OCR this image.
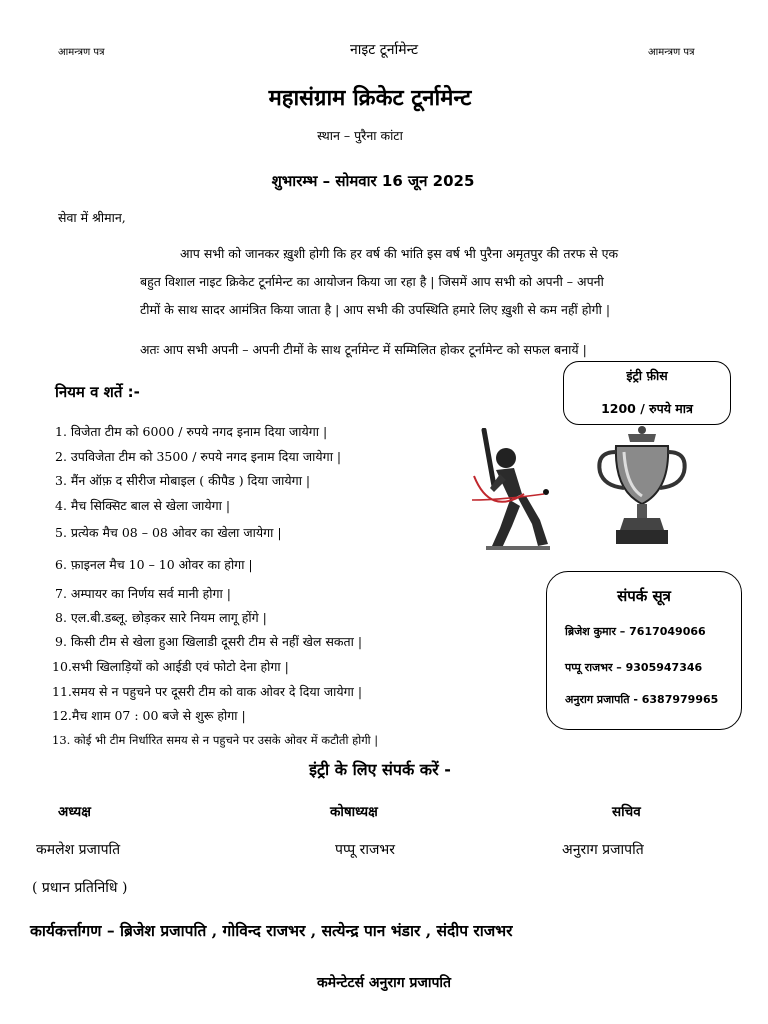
आमन्त्रण पत्र	नाइट टूर्नामेन्ट	आमन्त्रण पत्र
महासंग्राम क्रिकेट टूर्नामेन्ट
स्थान – पुरैना कांटा
शुभारम्भ – सोमवार 16 जून 2025
सेवा में श्रीमान,
आप सभी को जानकर ख़ुशी होगी कि हर वर्ष की भांति इस वर्ष भी पुरैना अमृतपुर की तरफ से एक
बहुत विशाल नाइट क्रिकेट टूर्नामेन्ट का आयोजन किया जा रहा है | जिसमें आप सभी को अपनी – अपनी
टीमों के साथ सादर आमंत्रित किया जाता है | आप सभी की उपस्थिति हमारे लिए ख़ुशी से कम नहीं होगी |
अतः आप सभी अपनी – अपनी टीमों के साथ टूर्नामेन्ट में सम्मिलित होकर टूर्नामेन्ट को सफल बनायें |
नियम व शर्ते :-
1. विजेता टीम को 6000 / रुपये नगद इनाम दिया जायेगा |
2. उपविजेता टीम को 3500 / रुपये नगद इनाम दिया जायेगा |
3. मैंन ऑफ़ द सीरीज मोबाइल ( कीपैड ) दिया जायेगा |
4. मैच सिक्सिट बाल से खेला जायेगा |
5. प्रत्येक मैच 08 – 08 ओवर का खेला जायेगा |
6. फ़ाइनल मैच 10 – 10 ओवर का होगा |
7. अम्पायर का निर्णय सर्व मानी होगा |
8. एल.बी.डब्लू. छोड़कर सारे नियम लागू होंगे |
9. किसी टीम से खेला हुआ खिलाडी दूसरी टीम से नहीं खेल सकता |
10.सभी खिलाड़ियों को आईडी एवं फोटो देना होगा |
11.समय से न पहुचने पर दूसरी टीम को वाक ओवर दे दिया जायेगा |
12.मैच शाम 07 : 00 बजे से शुरू होगा |
13. कोई भी टीम निर्धारित समय से न पहुचने पर उसके ओवर में कटौती होगी |
इंट्री फ़ीस
1200 / रुपये मात्र
संपर्क सूत्र
ब्रिजेश कुमार – 7617049066
पप्पू राजभर – 9305947346
अनुराग प्रजापति - 6387979965
इंट्री के लिए संपर्क करें -
अध्यक्ष	कोषाध्यक्ष	सचिव
कमलेश प्रजापति	पप्पू राजभर	अनुराग प्रजापति
( प्रधान प्रतिनिधि )
कार्यकर्त्तागण – ब्रिजेश प्रजापति , गोविन्द राजभर , सत्येन्द्र पान भंडार , संदीप राजभर
कमेन्टेटर्स अनुराग प्रजापति
